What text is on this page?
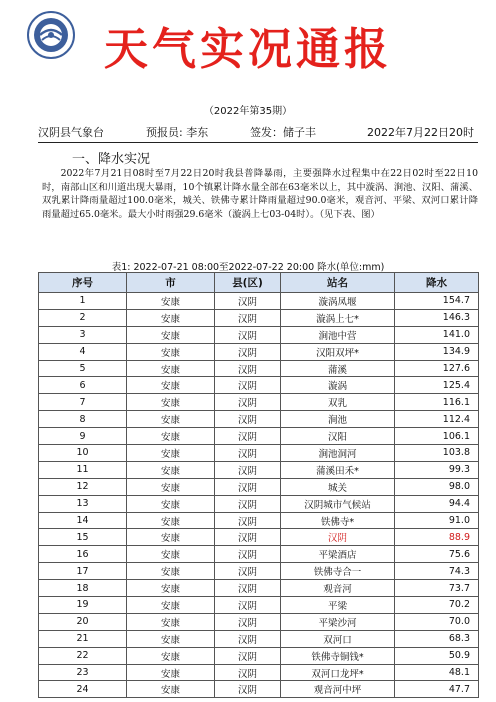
天气实况通报
（2022年第35期）
汉阴县气象台	预报员: 李东	签发：储子丰	2022年7月22日20时
一、降水实况
2022年7月21日08时至7月22日20时我县普降暴雨，主要强降水过程集中在22日02时至22日10时，南部山区和川道出现大暴雨，10个镇累计降水量全部在63毫米以上，其中漩涡、涧池、汉阳、蒲溪、双乳累计降雨量超过100.0毫米，城关、铁佛寺累计降雨量超过90.0毫米，观音河、平梁、双河口累计降雨量超过65.0毫米。最大小时雨强29.6毫米（漩涡上七03-04时）。（见下表、图）
表1: 2022-07-21 08:00至2022-07-22 20:00 降水(单位:mm)
序号	市	县(区)	站名	降水
1	安康	汉阴	漩涡凤堰	154.7
2	安康	汉阴	漩涡上七*	146.3
3	安康	汉阴	涧池中营	141.0
4	安康	汉阴	汉阳双坪*	134.9
5	安康	汉阴	蒲溪	127.6
6	安康	汉阴	漩涡	125.4
7	安康	汉阴	双乳	116.1
8	安康	汉阴	涧池	112.4
9	安康	汉阴	汉阳	106.1
10	安康	汉阴	涧池洞河	103.8
11	安康	汉阴	蒲溪田禾*	99.3
12	安康	汉阴	城关	98.0
13	安康	汉阴	汉阴城市气候站	94.4
14	安康	汉阴	铁佛寺*	91.0
15	安康	汉阴	汉阴	88.9
16	安康	汉阴	平梁酒店	75.6
17	安康	汉阴	铁佛寺合一	74.3
18	安康	汉阴	观音河	73.7
19	安康	汉阴	平梁	70.2
20	安康	汉阴	平梁沙河	70.0
21	安康	汉阴	双河口	68.3
22	安康	汉阴	铁佛寺铜钱*	50.9
23	安康	汉阴	双河口龙坪*	48.1
24	安康	汉阴	观音河中坪	47.7
